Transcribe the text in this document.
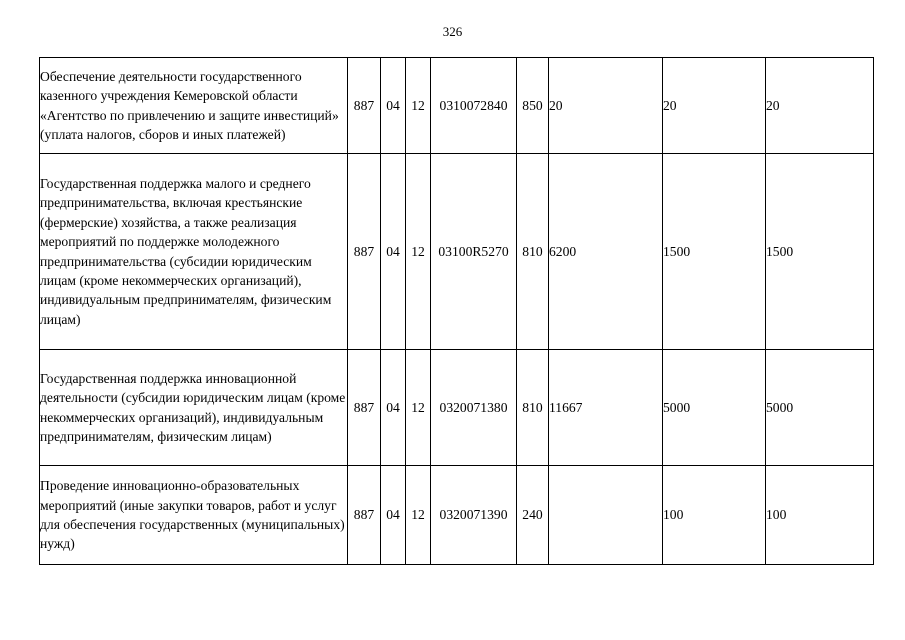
326
Обеспечение деятельности государственного казенного учреждения Кемеровской области «Агентство по привлечению и защите инвестиций» (уплата налогов, сборов и иных платежей)	887	04	12	0310072840	850	20	20	20
Государственная поддержка малого и среднего предпринимательства, включая крестьянские (фермерские) хозяйства, а также реализация мероприятий по поддержке молодежного предпринимательства (субсидии юридическим лицам (кроме некоммерческих организаций), индивидуальным предпринимателям, физическим лицам)	887	04	12	03100R5270	810	6200	1500	1500
Государственная поддержка инновационной деятельности (субсидии юридическим лицам (кроме некоммерческих организаций), индивидуальным предпринимателям, физическим лицам)	887	04	12	0320071380	810	11667	5000	5000
Проведение инновационно-образовательных мероприятий (иные закупки товаров, работ и услуг для обеспечения государственных (муниципальных) нужд)	887	04	12	0320071390	240		100	100
